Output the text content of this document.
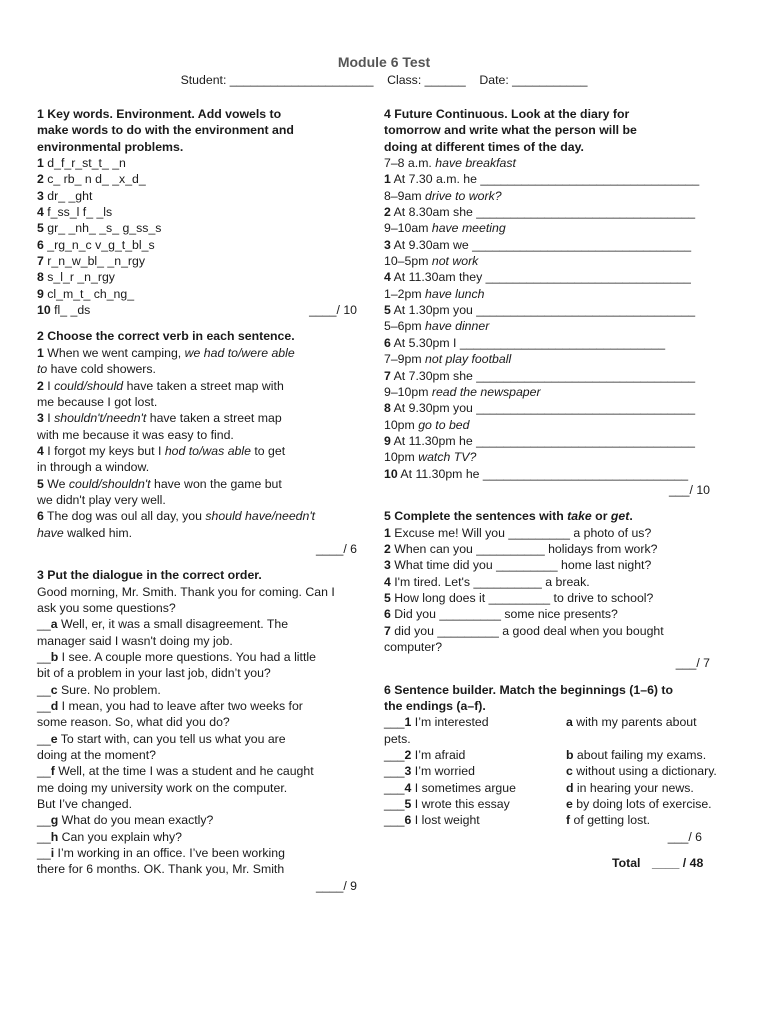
Module 6 Test
Student: _____________________ Class: ______ Date: ___________
1 Key words. Environment. Add vowels to
make words to do with the environment and
environmental problems.
1 d_f_r_st_t_ _n
2 c_ rb_ n d_ _x_d_
3 dr_ _ght
4 f_ss_l f_ _ls
5 gr_ _nh_ _s_ g_ss_s
6 _rg_n_c v_g_t_bl_s
7 r_n_w_bl_ _n_rgy
8 s_l_r _n_rgy
9 cl_m_t_ ch_ng_
10 fl_ _ds	____/ 10
2 Choose the correct verb in each sentence.
1 When we went camping, we had to/were able
to have cold showers.
2 I could/should have taken a street map with
me because I got lost.
3 I shouldn't/needn't have taken a street map
with me because it was easy to find.
4 I forgot my keys but I hod to/was able to get
in through a window.
5 We could/shouldn't have won the game but
we didn't play very well.
6 The dog was oul all day, you should have/needn't
have walked him.
____/ 6
3 Put the dialogue in the correct order.
Good morning, Mr. Smith. Thank you for coming. Can I
ask you some questions?
__a Well, er, it was a small disagreement. The
manager said I wasn't doing my job.
__b I see. A couple more questions. You had a little
bit of a problem in your last job, didn’t you?
__c Sure. No problem.
__d I mean, you had to leave after two weeks for
some reason. So, what did you do?
__e To start with, can you tell us what you are
doing at the moment?
__f Well, at the time I was a student and he caught
me doing my university work on the computer.
But I’ve changed.
__g What do you mean exactly?
__h Can you explain why?
__i I’m working in an office. I’ve been working
there for 6 months. OK. Thank you, Mr. Smith
____/ 9
4 Future Continuous. Look at the diary for
tomorrow and write what the person will be
doing at different times of the day.
7–8 a.m. have breakfast
1 At 7.30 a.m. he ________________________________
8–9am drive to work?
2 At 8.30am she ________________________________
9–10am have meeting
3 At 9.30am we ________________________________
10–5pm not work
4 At 11.30am they ______________________________
1–2pm have lunch
5 At 1.30pm you ________________________________
5–6pm have dinner
6 At 5.30pm I ______________________________
7–9pm not play football
7 At 7.30pm she ________________________________
9–10pm read the newspaper
8 At 9.30pm you ________________________________
10pm go to bed
9 At 11.30pm he ________________________________
10pm watch TV?
10 At 11.30pm he ______________________________
___/ 10
5 Complete the sentences with take or get.
1 Excuse me! Will you _________ a photo of us?
2 When can you __________ holidays from work?
3 What time did you _________ home last night?
4 I'm tired. Let's __________ a break.
5 How long does it _________ to drive to school?
6 Did you _________ some nice presents?
7 did you _________ a good deal when you bought
computer?
___/ 7
6 Sentence builder. Match the beginnings (1–6) to
the endings (a–f).
___1 I’m interested	a with my parents about
pets.
___2 I’m afraid	b about failing my exams.
___3 I’m worried	c without using a dictionary.
___4 I sometimes argue	d in hearing your news.
___5 I wrote this essay	e by doing lots of exercise.
___6 I lost weight	f of getting lost.
___/ 6
Total ____ / 48
